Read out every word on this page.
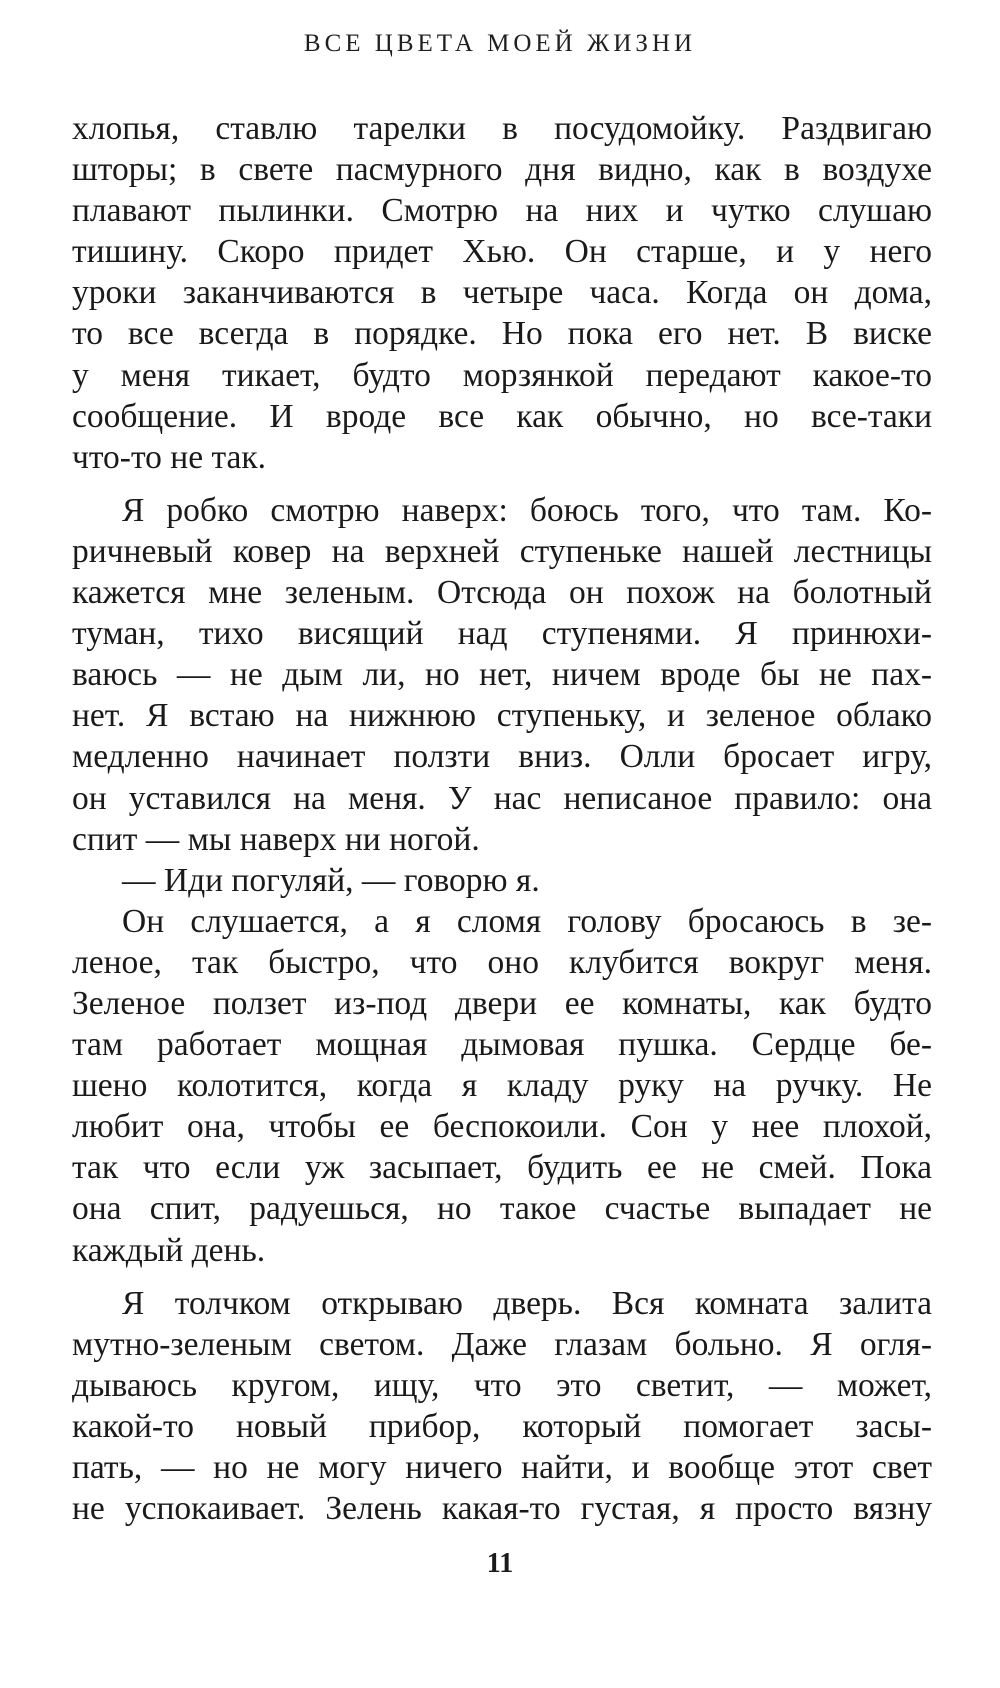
ВСЕ ЦВЕТА МОЕЙ ЖИЗНИ
хлопья, ставлю тарелки в посудомойку. Раздвигаю
шторы; в свете пасмурного дня видно, как в воздухе
плавают пылинки. Смотрю на них и чутко слушаю
тишину. Скоро придет Хью. Он старше, и у него
уроки заканчиваются в четыре часа. Когда он дома,
то все всегда в порядке. Но пока его нет. В виске
у меня тикает, будто морзянкой передают какое-то
сообщение. И вроде все как обычно, но все-таки
что-то не так.
Я робко смотрю наверх: боюсь того, что там. Ко-
ричневый ковер на верхней ступеньке нашей лестницы
кажется мне зеленым. Отсюда он похож на болотный
туман, тихо висящий над ступенями. Я принюхи-
ваюсь — не дым ли, но нет, ничем вроде бы не пах-
нет. Я встаю на нижнюю ступеньку, и зеленое облако
медленно начинает ползти вниз. Олли бросает игру,
он уставился на меня. У нас неписаное правило: она
спит — мы наверх ни ногой.
— Иди погуляй, — говорю я.
Он слушается, а я сломя голову бросаюсь в зе-
леное, так быстро, что оно клубится вокруг меня.
Зеленое ползет из-под двери ее комнаты, как будто
там работает мощная дымовая пушка. Сердце бе-
шено колотится, когда я кладу руку на ручку. Не
любит она, чтобы ее беспокоили. Сон у нее плохой,
так что если уж засыпает, будить ее не смей. Пока
она спит, радуешься, но такое счастье выпадает не
каждый день.
Я толчком открываю дверь. Вся комната залита
мутно-зеленым светом. Даже глазам больно. Я огля-
дываюсь кругом, ищу, что это светит, — может,
какой-то новый прибор, который помогает засы-
пать, — но не могу ничего найти, и вообще этот свет
не успокаивает. Зелень какая-то густая, я просто вязну
11
